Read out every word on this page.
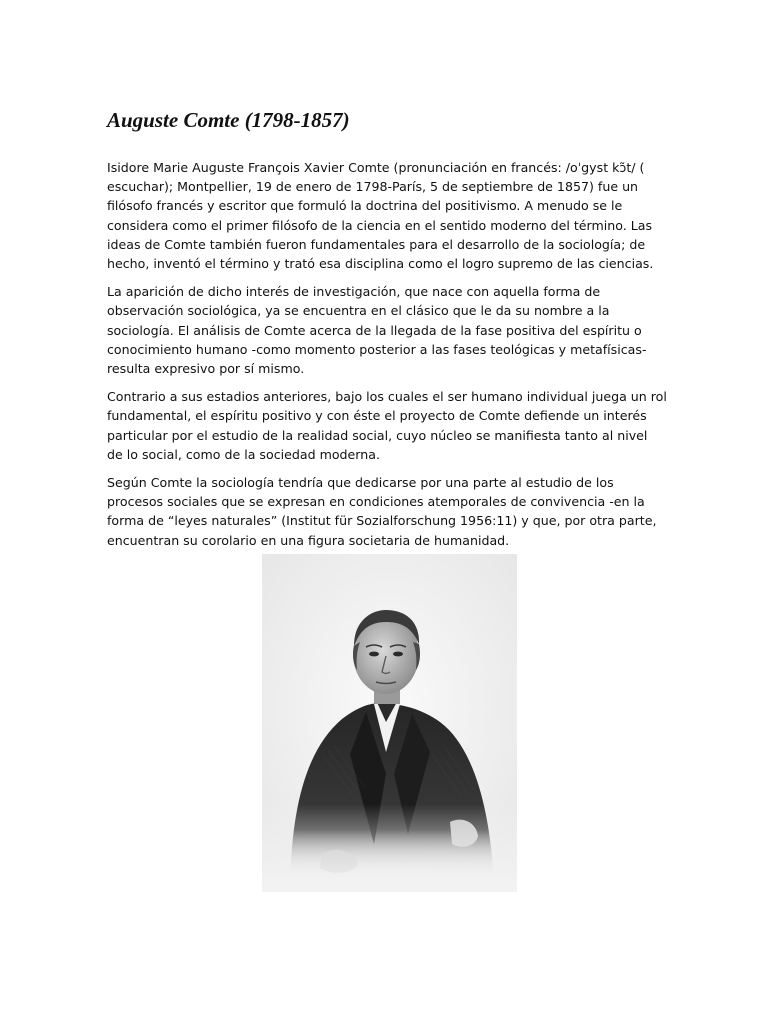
Auguste Comte (1798-1857)

Isidore Marie Auguste François Xavier Comte (pronunciación en francés: /oˈgyst kɔ̃t/ ( escuchar); Montpellier, 19 de enero de 1798-París, 5 de septiembre de 1857) fue un filósofo francés y escritor que formuló la doctrina del positivismo. A menudo se le considera como el primer filósofo de la ciencia en el sentido moderno del término. Las ideas de Comte también fueron fundamentales para el desarrollo de la sociología; de hecho, inventó el término y trató esa disciplina como el logro supremo de las ciencias.

La aparición de dicho interés de investigación, que nace con aquella forma de observación sociológica, ya se encuentra en el clásico que le da su nombre a la sociología. El análisis de Comte acerca de la llegada de la fase positiva del espíritu o conocimiento humano -como momento posterior a las fases teológicas y metafísicas- resulta expresivo por sí mismo.

Contrario a sus estadios anteriores, bajo los cuales el ser humano individual juega un rol fundamental, el espíritu positivo y con éste el proyecto de Comte defiende un interés particular por el estudio de la realidad social, cuyo núcleo se manifiesta tanto al nivel de lo social, como de la sociedad moderna.

Según Comte la sociología tendría que dedicarse por una parte al estudio de los procesos sociales que se expresan en condiciones atemporales de convivencia -en la forma de “leyes naturales” (Institut für Sozialforschung 1956:11) y que, por otra parte, encuentran su corolario en una figura societaria de humanidad.
